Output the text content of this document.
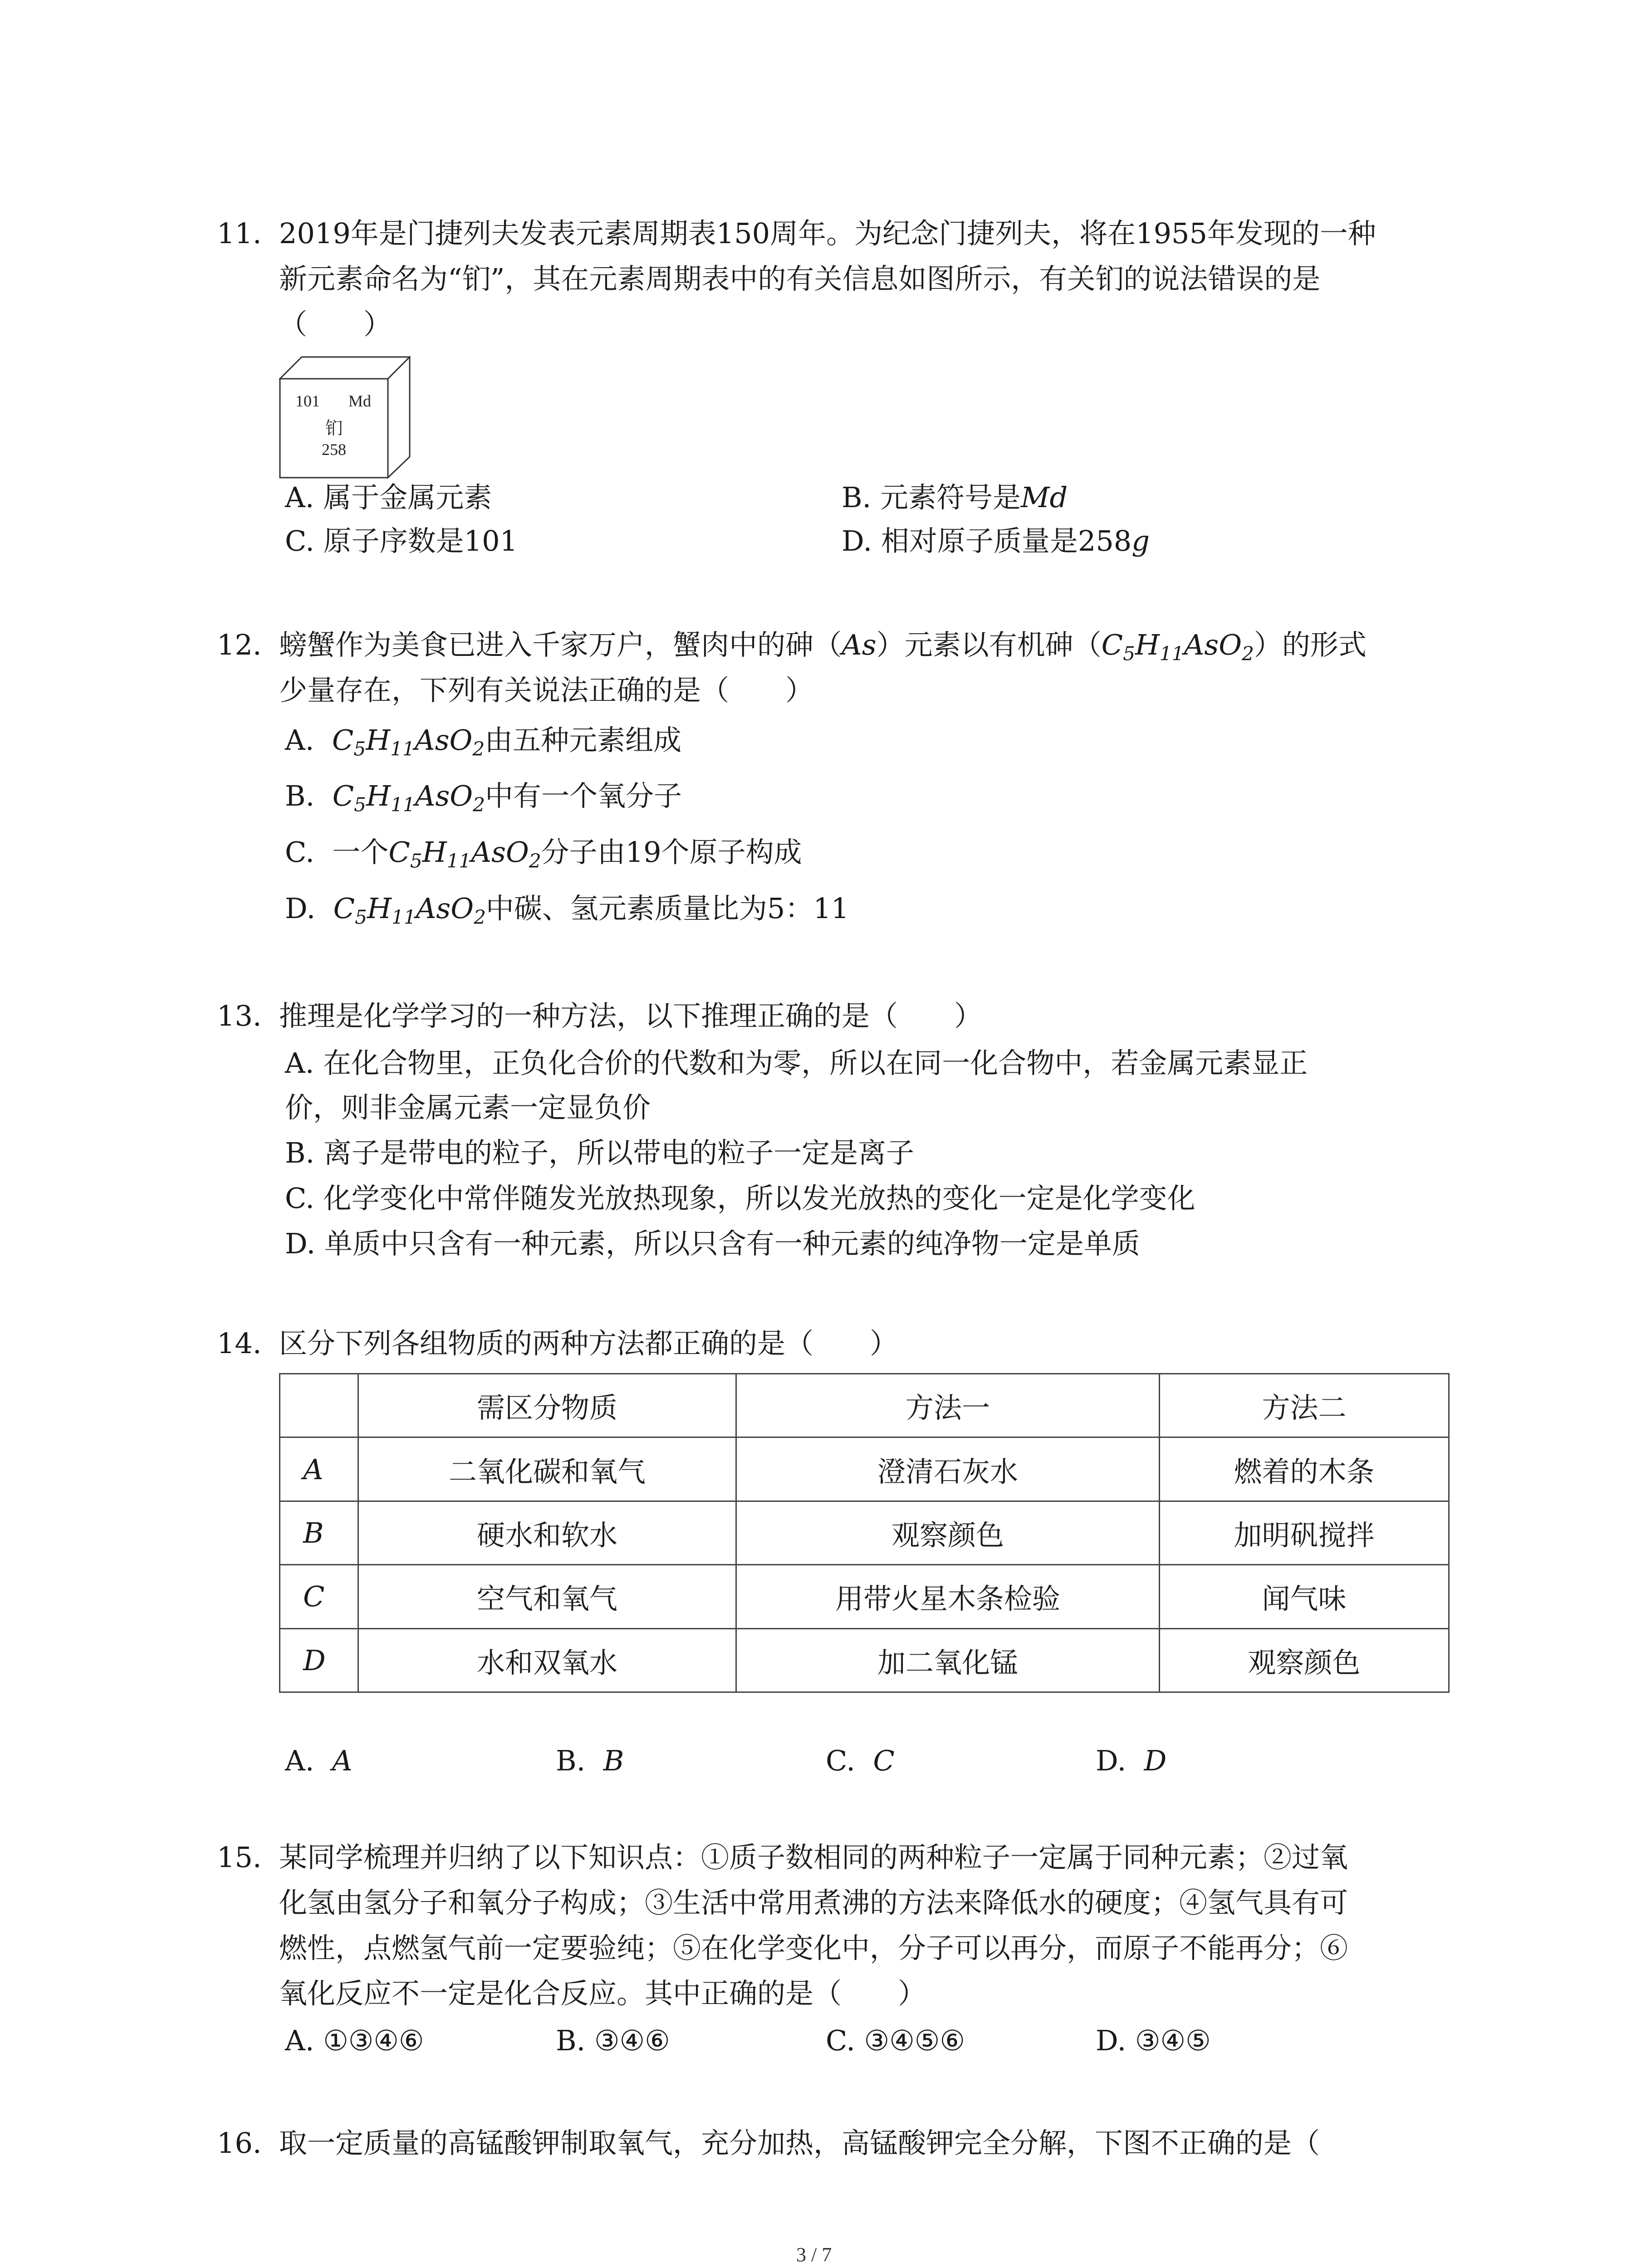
11. 2019年是门捷列夫发表元素周期表150周年。为纪念门捷列夫，将在1955年发现的一种
新元素命名为“钔”，其在元素周期表中的有关信息如图所示，有关钔的说法错误的是
（　　）
101	Md
钔
258
A. 属于金属元素	B. 元素符号是Md
C. 原子序数是101	D. 相对原子质量是258g
12. 螃蟹作为美食已进入千家万户，蟹肉中的砷（As）元素以有机砷$(C_5H_{11}AsO_2)$的形式
少量存在，下列有关说法正确的是（　　）
A. $C_5H_{11}AsO_2$由五种元素组成
B. $C_5H_{11}AsO_2$中有一个氧分子
C. 一个$C_5H_{11}AsO_2$分子由19个原子构成
D. $C_5H_{11}AsO_2$中碳、氢元素质量比为5：11
13. 推理是化学学习的一种方法，以下推理正确的是（　　）
A. 在化合物里，正负化合价的代数和为零，所以在同一化合物中，若金属元素显正
价，则非金属元素一定显负价
B. 离子是带电的粒子，所以带电的粒子一定是离子
C. 化学变化中常伴随发光放热现象，所以发光放热的变化一定是化学变化
D. 单质中只含有一种元素，所以只含有一种元素的纯净物一定是单质
14. 区分下列各组物质的两种方法都正确的是（　　）
	需区分物质	方法一	方法二
A	二氧化碳和氧气	澄清石灰水	燃着的木条
B	硬水和软水	观察颜色	加明矾搅拌
C	空气和氧气	用带火星木条检验	闻气味
D	水和双氧水	加二氧化锰	观察颜色
A. A	B. B	C. C	D. D
15. 某同学梳理并归纳了以下知识点：①质子数相同的两种粒子一定属于同种元素；②过氧
化氢由氢分子和氧分子构成；③生活中常用煮沸的方法来降低水的硬度；④氢气具有可
燃性，点燃氢气前一定要验纯；⑤在化学变化中，分子可以再分，而原子不能再分；⑥
氧化反应不一定是化合反应。其中正确的是（　　）
A. ①③④⑥	B. ③④⑥	C. ③④⑤⑥	D. ③④⑤
16. 取一定质量的高锰酸钾制取氧气，充分加热，高锰酸钾完全分解，下图不正确的是（
3 / 7
